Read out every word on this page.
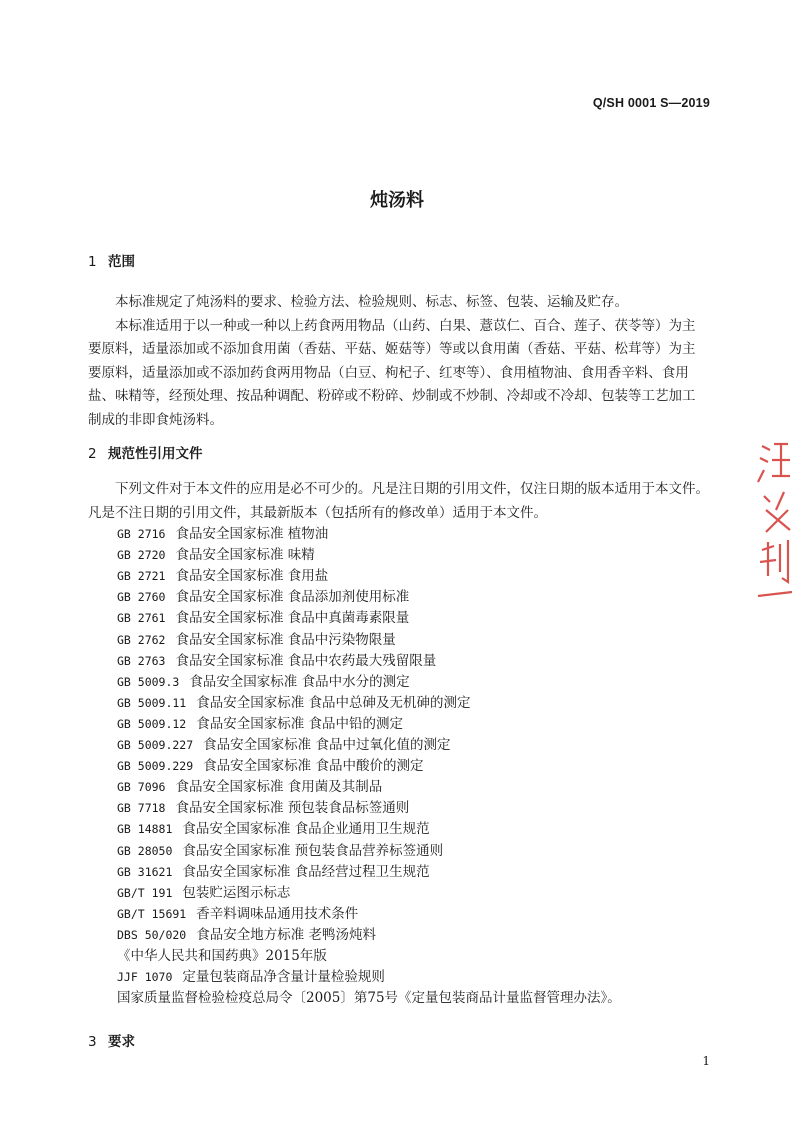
Q/SH 0001 S—2019
炖汤料
1 范围
本标准规定了炖汤料的要求、检验方法、检验规则、标志、标签、包装、运输及贮存。
本标准适用于以一种或一种以上药食两用物品（山药、白果、薏苡仁、百合、莲子、茯苓等）为主
要原料，适量添加或不添加食用菌（香菇、平菇、姬菇等）等或以食用菌（香菇、平菇、松茸等）为主
要原料，适量添加或不添加药食两用物品（白豆、枸杞子、红枣等）、食用植物油、食用香辛料、食用
盐、味精等，经预处理、按品种调配、粉碎或不粉碎、炒制或不炒制、冷却或不冷却、包装等工艺加工
制成的非即食炖汤料。
2 规范性引用文件
下列文件对于本文件的应用是必不可少的。凡是注日期的引用文件，仅注日期的版本适用于本文件。
凡是不注日期的引用文件，其最新版本（包括所有的修改单）适用于本文件。
GB 2716 食品安全国家标准 植物油
GB 2720 食品安全国家标准 味精
GB 2721 食品安全国家标准 食用盐
GB 2760 食品安全国家标准 食品添加剂使用标准
GB 2761 食品安全国家标准 食品中真菌毒素限量
GB 2762 食品安全国家标准 食品中污染物限量
GB 2763 食品安全国家标准 食品中农药最大残留限量
GB 5009.3 食品安全国家标准 食品中水分的测定
GB 5009.11 食品安全国家标准 食品中总砷及无机砷的测定
GB 5009.12 食品安全国家标准 食品中铅的测定
GB 5009.227 食品安全国家标准 食品中过氧化值的测定
GB 5009.229 食品安全国家标准 食品中酸价的测定
GB 7096 食品安全国家标准 食用菌及其制品
GB 7718 食品安全国家标准 预包装食品标签通则
GB 14881 食品安全国家标准 食品企业通用卫生规范
GB 28050 食品安全国家标准 预包装食品营养标签通则
GB 31621 食品安全国家标准 食品经营过程卫生规范
GB/T 191 包装贮运图示标志
GB/T 15691 香辛料调味品通用技术条件
DBS 50/020 食品安全地方标准 老鸭汤炖料
《中华人民共和国药典》2015年版
JJF 1070 定量包装商品净含量计量检验规则
国家质量监督检验检疫总局令〔2005〕第75号《定量包装商品计量监督管理办法》。
3 要求
1
